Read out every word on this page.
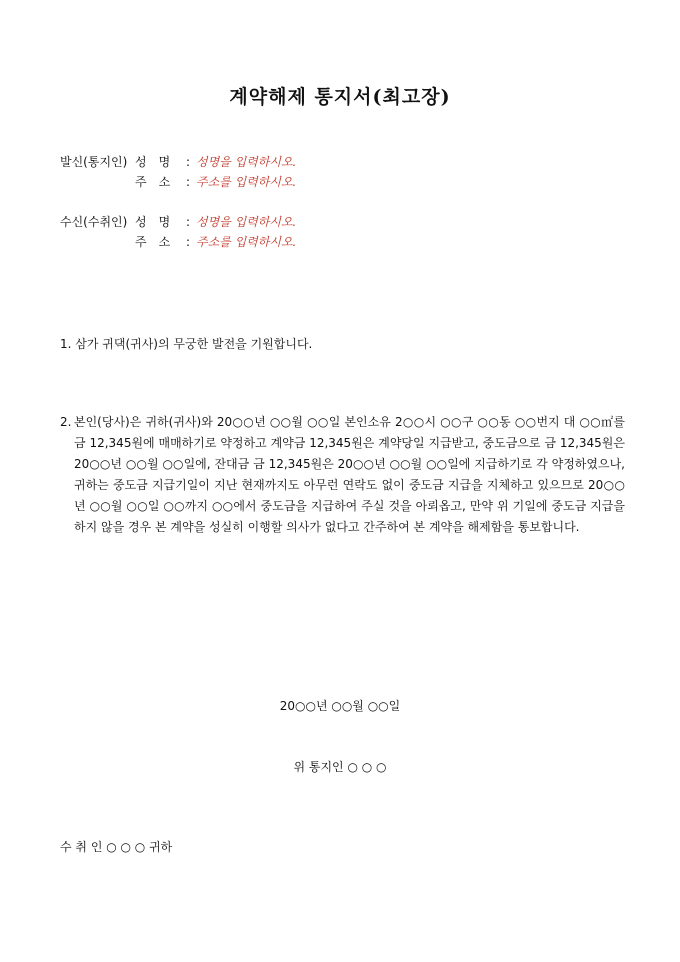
계약해제 통지서(최고장)
발신(통지인) 성　명	: 성명을 입력하시오.
주　소	: 주소를 입력하시오.
수신(수취인) 성　명	: 성명을 입력하시오.
주　소	: 주소를 입력하시오.

1. 삼가 귀댁(귀사)의 무궁한 발전을 기원합니다.

2. 본인(당사)은 귀하(귀사)와 20○○년 ○○월 ○○일 본인소유 2○○시 ○○구 ○○동 ○○번지 대 ○○㎡를 금 12,345원에 매매하기로 약정하고 계약금 12,345원은 계약당일 지급받고, 중도금으로 금 12,345원은 20○○년 ○○월 ○○일에, 잔대금 금 12,345원은 20○○년 ○○월 ○○일에 지급하기로 각 약정하였으나, 귀하는 중도금 지급기일이 지난 현재까지도 아무런 연락도 없이 중도금 지급을 지체하고 있으므로 20○○년 ○○월 ○○일 ○○까지 ○○에서 중도금을 지급하여 주실 것을 아뢰옵고, 만약 위 기일에 중도금 지급을 하지 않을 경우 본 계약을 성실히 이행할 의사가 없다고 간주하여 본 계약을 해제함을 통보합니다.
20○○년 ○○월 ○○일
위 통지인 ○ ○ ○
수 취 인 ○ ○ ○ 귀하
